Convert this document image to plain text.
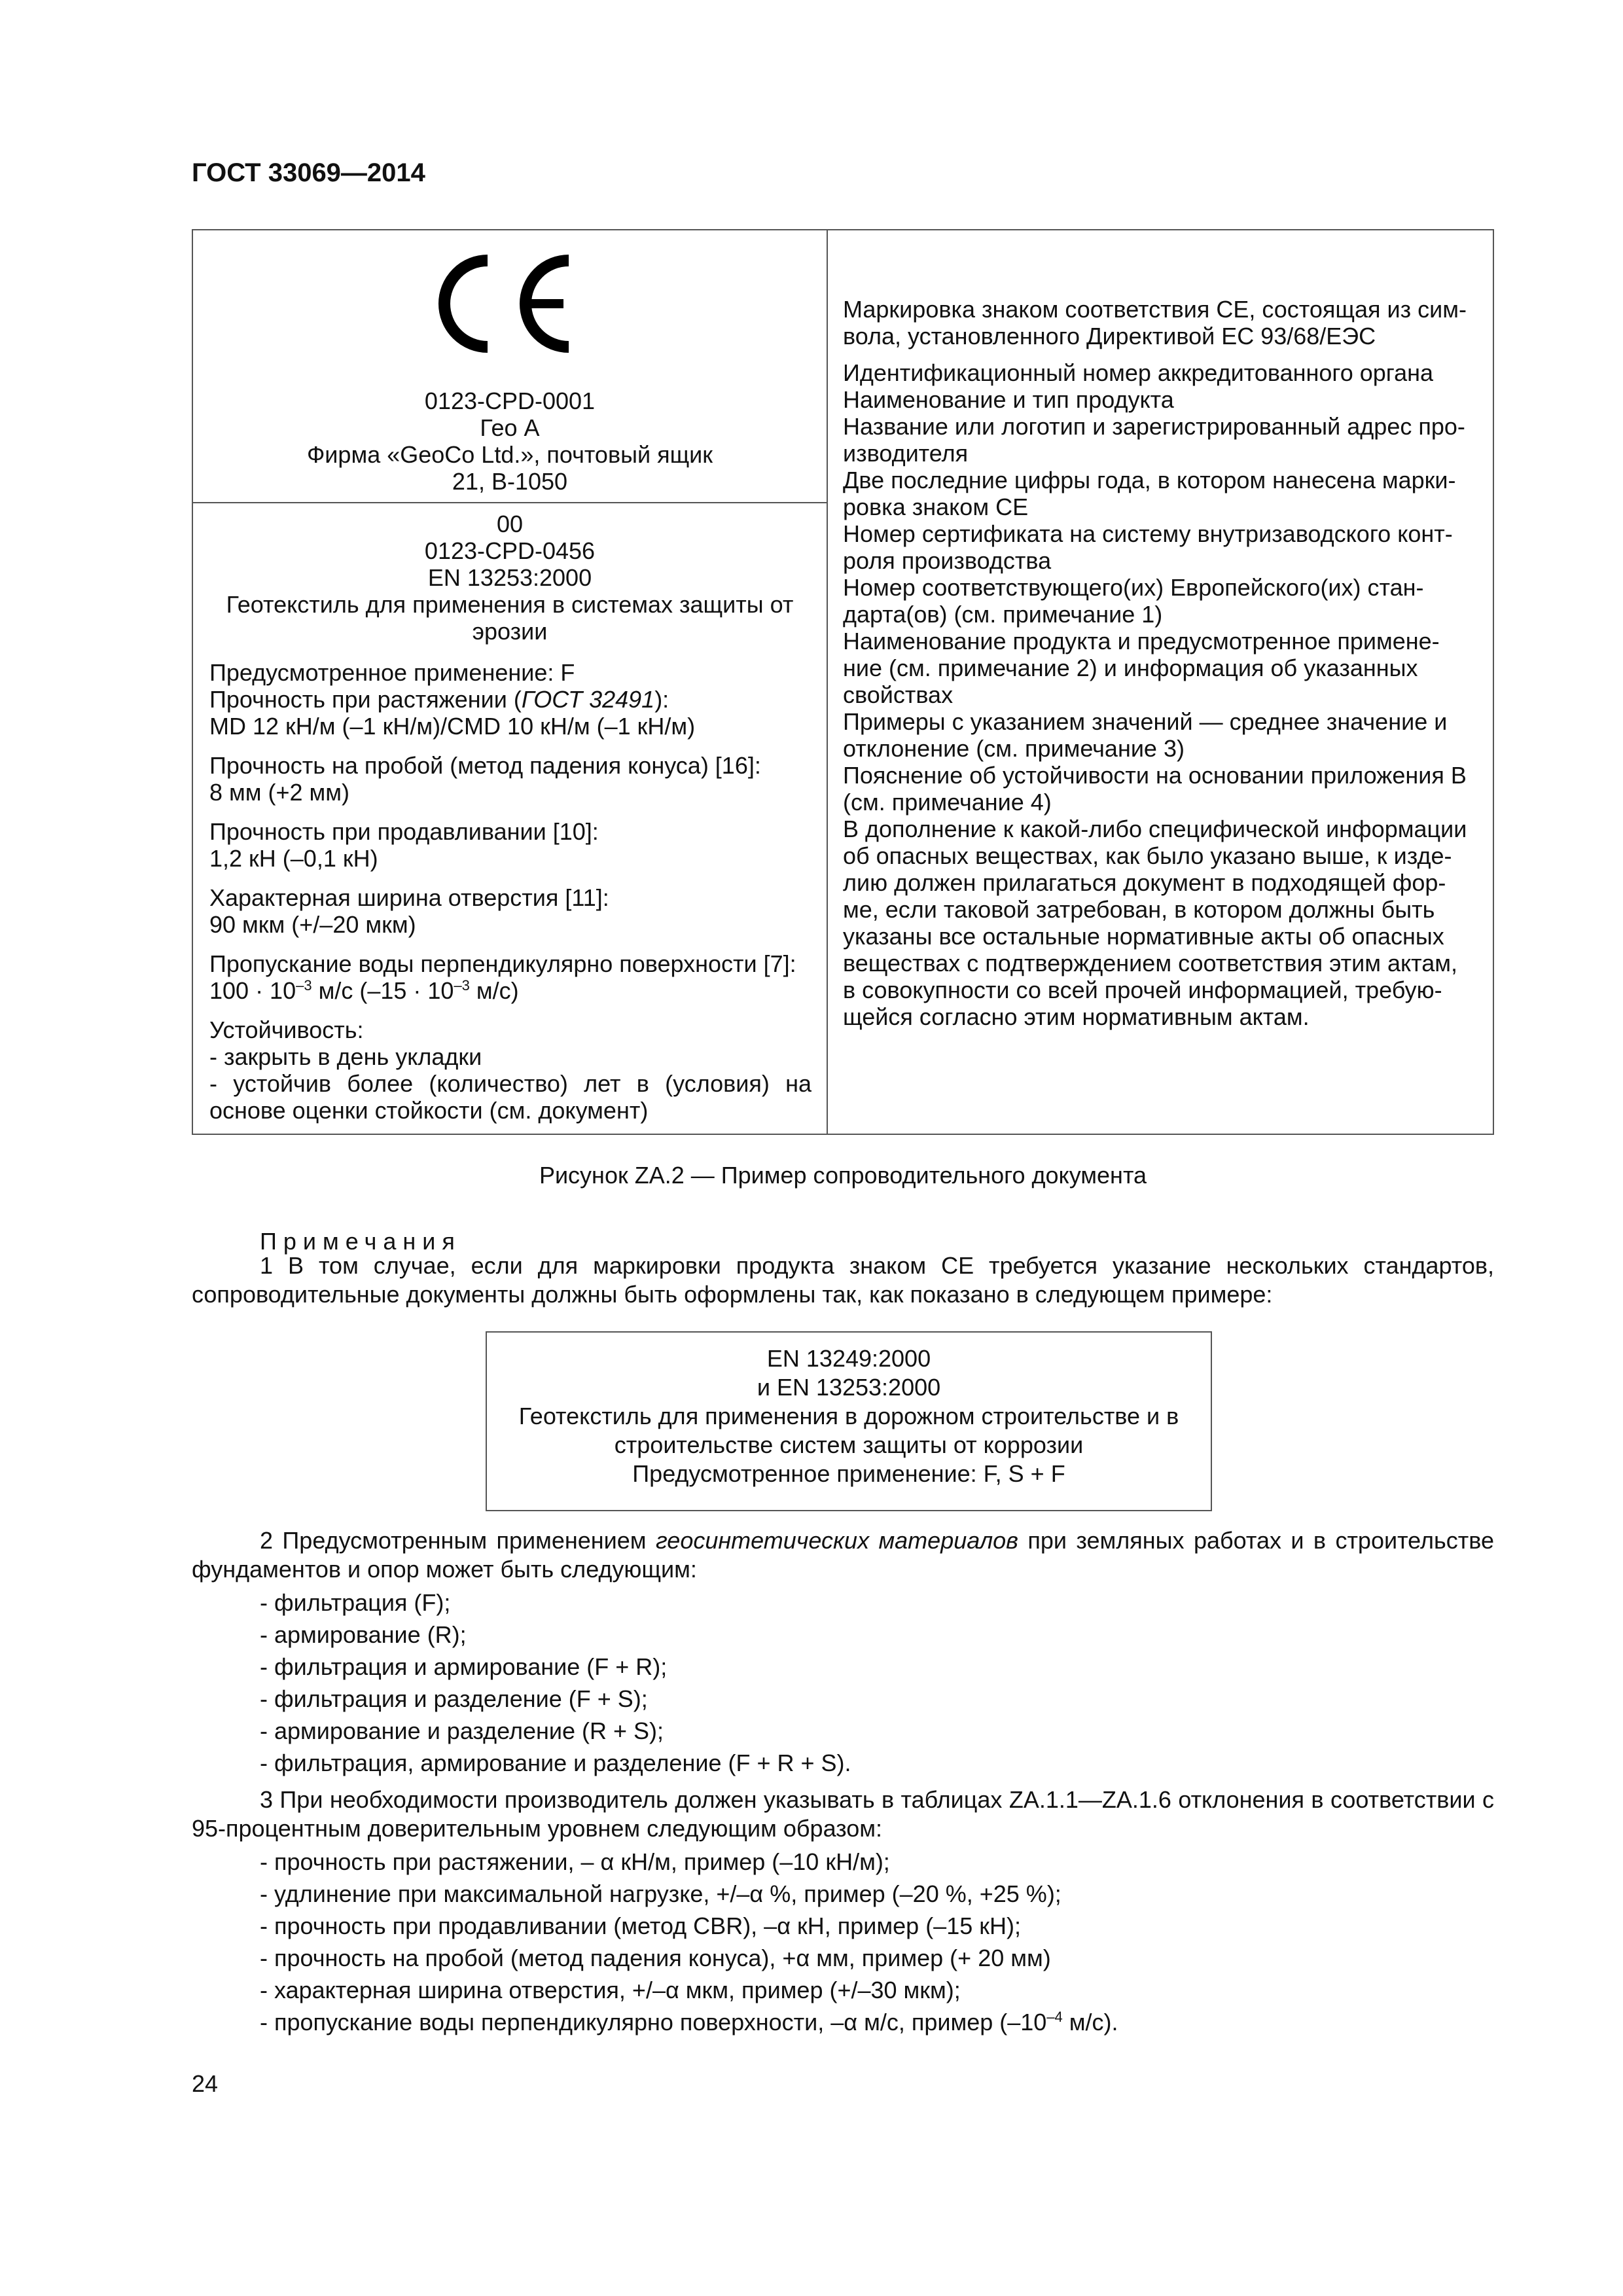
ГОСТ 33069—2014
0123-CPD-0001
Гео A
Фирма «GeoCo Ltd.», почтовый ящик
21, B-1050
00
0123-CPD-0456
EN 13253:2000
Геотекстиль для применения в системах защиты от
эрозии
Предусмотренное применение: F
Прочность при растяжении (ГОСТ 32491):
MD 12 кН/м (–1 кН/м)/CMD 10 кН/м (–1 кН/м)
Прочность на пробой (метод падения конуса) [16]:
8 мм (+2 мм)
Прочность при продавливании [10]:
1,2 кН (–0,1 кН)
Характерная ширина отверстия [11]:
90 мкм (+/–20 мкм)
Пропускание воды перпендикулярно поверхности [7]:
$100 \cdot 10^{-3}$ м/с ($-15 \cdot 10^{-3}$ м/с)
Устойчивость:
- закрыть в день укладки
- устойчив более (количество) лет в (условия) на
основе оценки стойкости (см. документ)
Маркировка знаком соответствия CE, состоящая из сим-
вола, установленного Директивой ЕС 93/68/ЕЭС
Идентификационный номер аккредитованного органа
Наименование и тип продукта
Название или логотип и зарегистрированный адрес про-
изводителя
Две последние цифры года, в котором нанесена марки-
ровка знаком CE
Номер сертификата на систему внутризаводского конт-
роля производства
Номер соответствующего(их) Европейского(их) стан-
дарта(ов) (см. примечание 1)
Наименование продукта и предусмотренное примене-
ние (см. примечание 2) и информация об указанных
свойствах
Примеры с указанием значений — среднее значение и
отклонение (см. примечание 3)
Пояснение об устойчивости на основании приложения B
(см. примечание 4)
В дополнение к какой-либо специфической информации
об опасных веществах, как было указано выше, к изде-
лию должен прилагаться документ в подходящей фор-
ме, если таковой затребован, в котором должны быть
указаны все остальные нормативные акты об опасных
веществах с подтверждением соответствия этим актам,
в совокупности со всей прочей информацией, требую-
щейся согласно этим нормативным актам.
Рисунок ZA.2 — Пример сопроводительного документа
Примечания
1 В том случае, если для маркировки продукта знаком CE требуется указание нескольких стандартов, сопроводительные документы должны быть оформлены так, как показано в следующем примере:
EN 13249:2000
и EN 13253:2000
Геотекстиль для применения в дорожном строительстве и в
строительстве систем защиты от коррозии
Предусмотренное применение: F, S + F
2 Предусмотренным применением геосинтетических материалов при земляных работах и в строительстве фундаментов и опор может быть следующим:
- фильтрация (F);
- армирование (R);
- фильтрация и армирование (F + R);
- фильтрация и разделение (F + S);
- армирование и разделение (R + S);
- фильтрация, армирование и разделение (F + R + S).
3 При необходимости производитель должен указывать в таблицах ZA.1.1—ZA.1.6 отклонения в соответствии с 95-процентным доверительным уровнем следующим образом:
- прочность при растяжении, – α кН/м, пример (–10 кН/м);
- удлинение при максимальной нагрузке, +/–α %, пример (–20 %, +25 %);
- прочность при продавливании (метод CBR), –α кН, пример (–15 кН);
- прочность на пробой (метод падения конуса), +α мм, пример (+ 20 мм)
- характерная ширина отверстия, +/–α мкм, пример (+/–30 мкм);
- пропускание воды перпендикулярно поверхности, –α м/с, пример ($-10^{-4}$ м/с).
24
